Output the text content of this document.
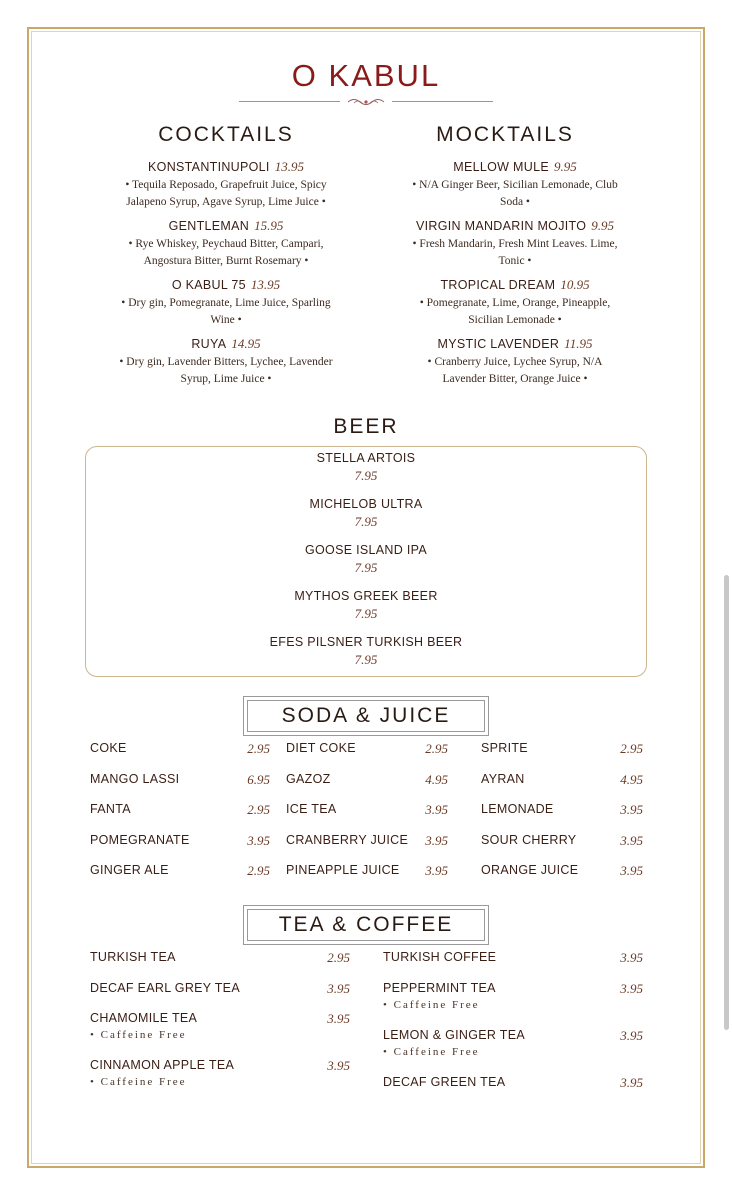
O KABUL
COCKTAILS	MOCKTAILS
KONSTANTINUPOLI 13.95
• Tequila Reposado, Grapefruit Juice, Spicy
Jalapeno Syrup, Agave Syrup, Lime Juice •
GENTLEMAN 15.95
• Rye Whiskey, Peychaud Bitter, Campari,
Angostura Bitter, Burnt Rosemary •
O KABUL 75 13.95
• Dry gin, Pomegranate, Lime Juice, Sparling
Wine •
RUYA 14.95
• Dry gin, Lavender Bitters, Lychee, Lavender
Syrup, Lime Juice •
MELLOW MULE 9.95
• N/A Ginger Beer, Sicilian Lemonade, Club
Soda •
VIRGIN MANDARIN MOJITO 9.95
• Fresh Mandarin, Fresh Mint Leaves. Lime,
Tonic •
TROPICAL DREAM 10.95
• Pomegranate, Lime, Orange, Pineapple,
Sicilian Lemonade •
MYSTIC LAVENDER 11.95
• Cranberry Juice, Lychee Syrup, N/A
Lavender Bitter, Orange Juice •
BEER
STELLA ARTOIS
7.95
MICHELOB ULTRA
7.95
GOOSE ISLAND IPA
7.95
MYTHOS GREEK BEER
7.95
EFES PILSNER TURKISH BEER
7.95
SODA & JUICE
COKE	2.95
MANGO LASSI	6.95
FANTA	2.95
POMEGRANATE	3.95
GINGER ALE	2.95
DIET COKE	2.95
GAZOZ	4.95
ICE TEA	3.95
CRANBERRY JUICE	3.95
PINEAPPLE JUICE	3.95
SPRITE	2.95
AYRAN	4.95
LEMONADE	3.95
SOUR CHERRY	3.95
ORANGE JUICE	3.95
TEA & COFFEE
TURKISH TEA	2.95
DECAF EARL GREY TEA	3.95
CHAMOMILE TEA	3.95
• Caffeine Free
CINNAMON APPLE TEA	3.95
• Caffeine Free
TURKISH COFFEE	3.95
PEPPERMINT TEA	3.95
• Caffeine Free
LEMON & GINGER TEA	3.95
• Caffeine Free
DECAF GREEN TEA	3.95
